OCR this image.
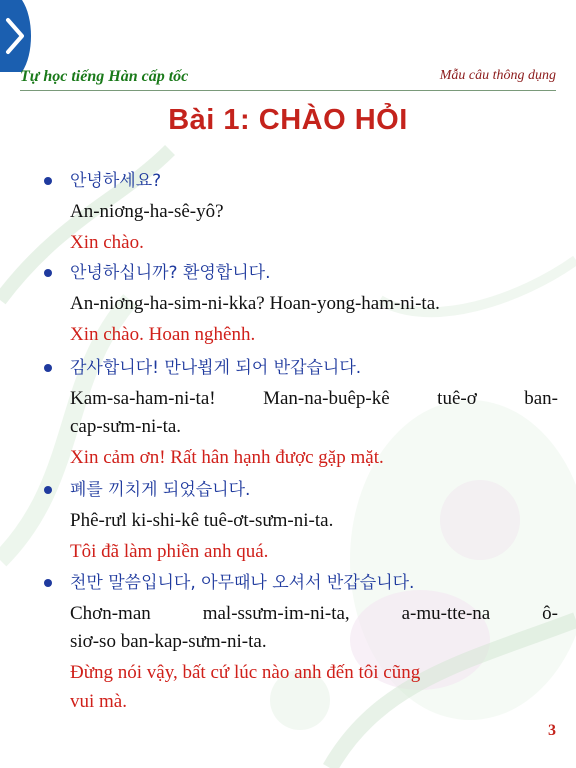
Tự học tiếng Hàn cấp tốc	Mẫu câu thông dụng
Bài 1: CHÀO HỎI
안녕하세요?
An-niơng-ha-sê-yô?
Xin chào.
안녕하십니까? 환영합니다.
An-niơng-ha-sim-ni-kka? Hoan-yong-ham-ni-ta.
Xin chào. Hoan nghênh.
감사합니다! 만나뵙게 되어 반갑습니다.
Kam-sa-ham-ni-ta! Man-na-buêp-kê tuê-ơ ban-
cap-sưm-ni-ta.
Xin cảm ơn! Rất hân hạnh được gặp mặt.
폐를 끼치게 되었습니다.
Phê-rưl ki-shi-kê tuê-ơt-sưm-ni-ta.
Tôi đã làm phiền anh quá.
천만 말씀입니다, 아무때나 오셔서 반갑습니다.
Chơn-man mal-ssưm-im-ni-ta, a-mu-tte-na ô-
siơ-so ban-kap-sưm-ni-ta.
Đừng nói vậy, bất cứ lúc nào anh đến tôi cũng
vui mà.
3
